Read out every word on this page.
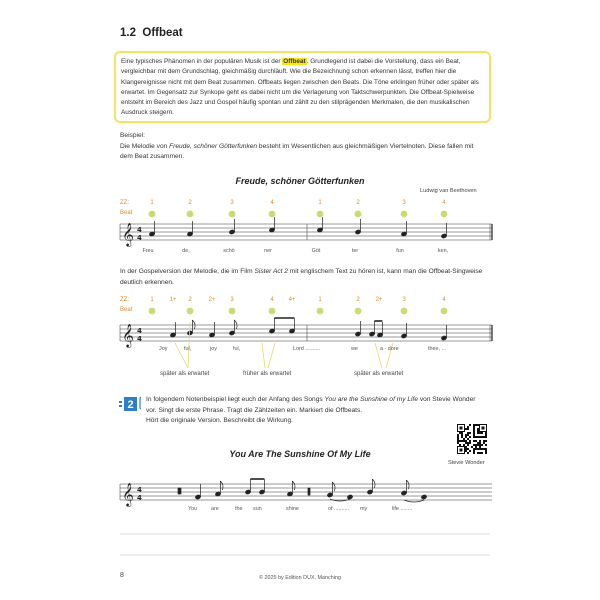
1.2 Offbeat
Eine typisches Phänomen in der populären Musik ist der Offbeat. Grundlegend ist dabei die Vorstellung, dass ein Beat, vergleichbar mit dem Grundschlag, gleichmäßig durchläuft. Wie die Bezeichnung schon erkennen lässt, treffen hier die Klangereignisse nicht mit dem Beat zusammen. Offbeats liegen zwischen den Beats. Die Töne erklingen früher oder später als erwartet. Im Gegensatz zur Synkope geht es dabei nicht um die Verlagerung von Taktschwerpunkten. Die Offbeat-Spielweise entsteht im Bereich des Jazz und Gospel häufig spontan und zählt zu den stilprägenden Merkmalen, die den musikalischen Ausdruck steigern.
Beispiel:
Die Melodie von Freude, schöner Götterfunken besteht im Wesentlichen aus gleichmäßigen Viertelnoten. Diese fallen mit dem Beat zusammen.
Freude, schöner Götterfunken
Ludwig van Beethoven
ZZ:
Beat
𝄞 4
4
In der Gospelversion der Melodie, die im Film Sister Act 2 mit englischem Text zu hören ist, kann man die Offbeat-Singweise deutlich erkennen.
ZZ:
Beat
𝄞 4
4
später als erwartet	früher als erwartet	später als erwartet
2 In folgendem Notenbeispiel liegt euch der Anfang des Songs You are the Sunshine of my Life von Stevie Wonder vor. Singt die erste Phrase. Tragt die Zählzeiten ein. Markiert die Offbeats.
Hört die originale Version. Beschreibt die Wirkung.
You Are The Sunshine Of My Life
Stevie Wonder
𝄞 4
4
8	© 2025 by Edition DUX, Manching
1	2	3	4	1	2	3	4
Freu	de,	schö	ner	Göt	ter	fun	ken,
1	1+	2	2+	3	4	4+	1	2	2+	3	4
Joy	ful,	joy	ful,	Lord ..........	we	a - dore	thee, ...
You	are	the sun	shine	of .......... my	life ........
